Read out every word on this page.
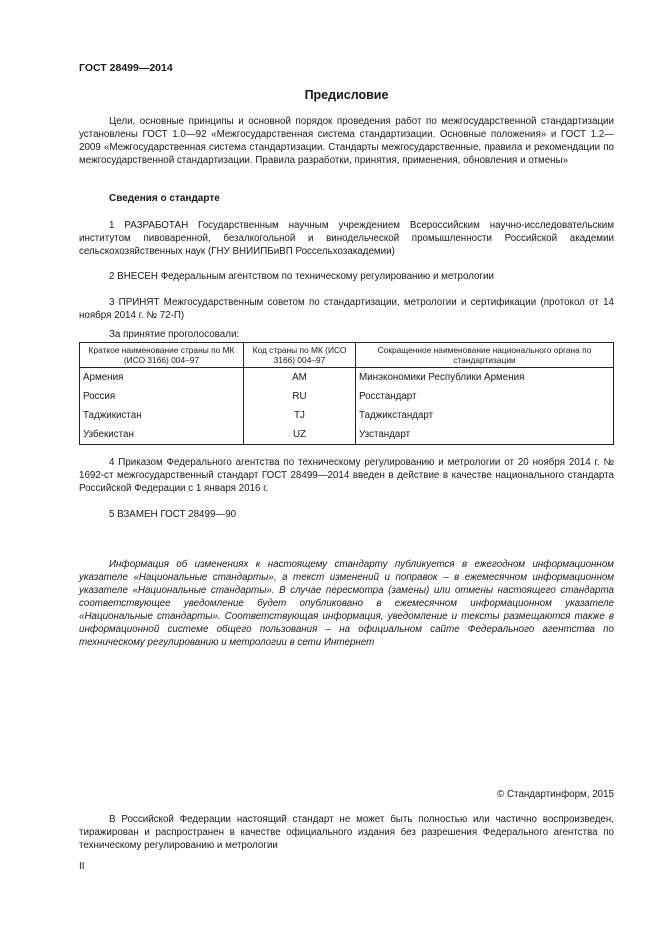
ГОСТ 28499—2014
Предисловие
Цели, основные принципы и основной порядок проведения работ по межгосударственной стандартизации установлены ГОСТ 1.0—92 «Межгосударственная система стандартизации. Основные положения» и ГОСТ 1.2—2009 «Межгосударственная система стандартизации. Стандарты межгосударственные, правила и рекомендации по межгосударственной стандартизации. Правила разработки, принятия, применения, обновления и отмены»
Сведения о стандарте
1 РАЗРАБОТАН Государственным научным учреждением Всероссийским научно-исследовательским институтом пивоваренной, безалкогольной и винодельческой промышленности Российской академии сельскохозяйственных наук (ГНУ ВНИИПБиВП Россельхозакадемии)
2 ВНЕСЕН Федеральным агентством по техническому регулированию и метрологии
3 ПРИНЯТ Межгосударственным советом по стандартизации, метрологии и сертификации (протокол от 14 ноября 2014 г. № 72-П)
За принятие проголосовали:
Краткое наименование страны по МК (ИСО 3166) 004–97	Код страны по МК (ИСО 3166) 004–97	Сокращенное наименование национального органа по стандартизации
Армения	AM	Минэкономики Республики Армения
Россия	RU	Росстандарт
Таджикистан	TJ	Таджикстандарт
Узбекистан	UZ	Узстандарт
4 Приказом Федерального агентства по техническому регулированию и метрологии от 20 ноября 2014 г. № 1692-ст межгосударственный стандарт ГОСТ 28499—2014 введен в действие в качестве национального стандарта Российской Федерации с 1 января 2016 г.
5 ВЗАМЕН ГОСТ 28499—90
Информация об изменениях к настоящему стандарту публикуется в ежегодном информационном указателе «Национальные стандарты», а текст изменений и поправок – в ежемесячном информационном указателе «Национальные стандарты». В случае пересмотра (замены) или отмены настоящего стандарта соответствующее уведомление будет опубликовано в ежемесячном информационном указателе «Национальные стандарты». Соответствующая информация, уведомление и тексты размещаются также в информационной системе общего пользования – на официальном сайте Федерального агентства по техническому регулированию и метрологии в сети Интернет
© Стандартинформ, 2015
В Российской Федерации настоящий стандарт не может быть полностью или частично воспроизведен, тиражирован и распространен в качестве официального издания без разрешения Федерального агентства по техническому регулированию и метрологии
II
